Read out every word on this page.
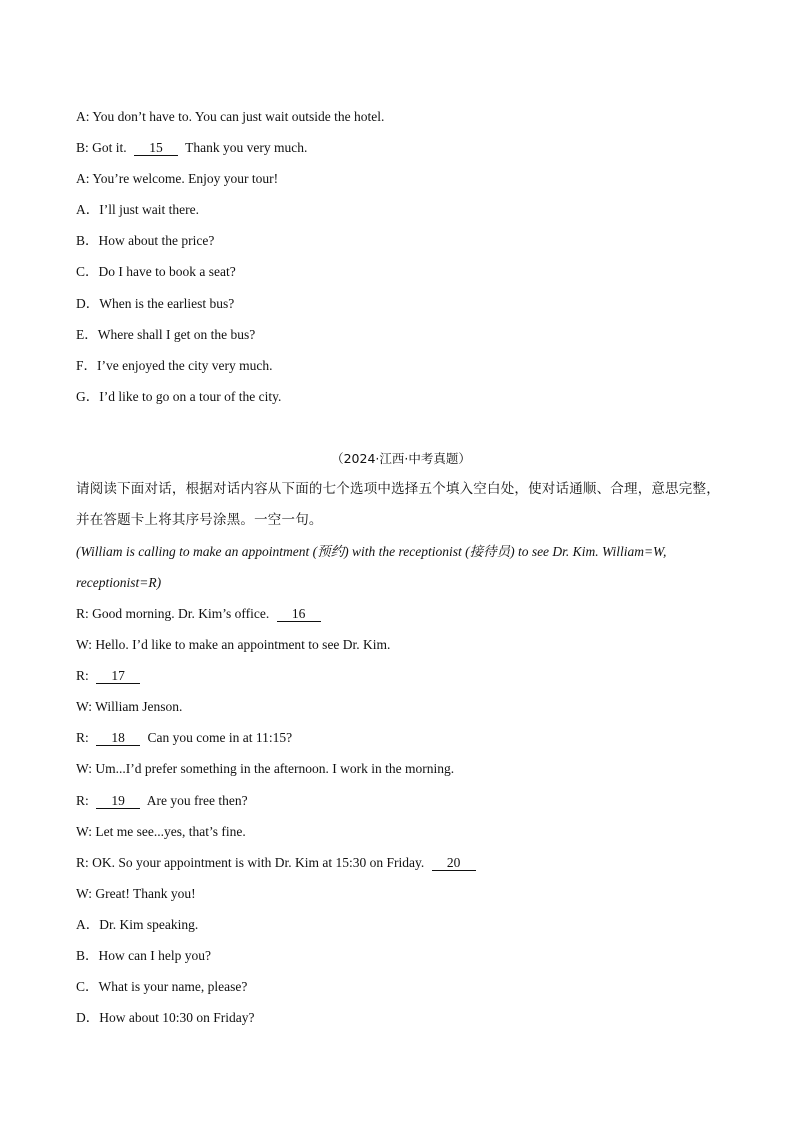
A: You don’t have to. You can just wait outside the hotel.
B: Got it. 15 Thank you very much.
A: You’re welcome. Enjoy your tour!
A．I’ll just wait there.
B．How about the price?
C．Do I have to book a seat?
D．When is the earliest bus?
E．Where shall I get on the bus?
F．I’ve enjoyed the city very much.
G．I’d like to go on a tour of the city.
（2024·江西·中考真题）
请阅读下面对话，根据对话内容从下面的七个选项中选择五个填入空白处，使对话通顺、合理，意思完整，并在答题卡上将其序号涂黑。一空一句。
(William is calling to make an appointment (预约) with the receptionist (接待员) to see Dr. Kim. William=W,
receptionist=R)
R: Good morning. Dr. Kim’s office. 16
W: Hello. I’d like to make an appointment to see Dr. Kim.
R: 17
W: William Jenson.
R: 18 Can you come in at 11:15?
W: Um...I’d prefer something in the afternoon. I work in the morning.
R: 19 Are you free then?
W: Let me see...yes, that’s fine.
R: OK. So your appointment is with Dr. Kim at 15:30 on Friday. 20
W: Great! Thank you!
A．Dr. Kim speaking.
B．How can I help you?
C．What is your name, please?
D．How about 10:30 on Friday?
